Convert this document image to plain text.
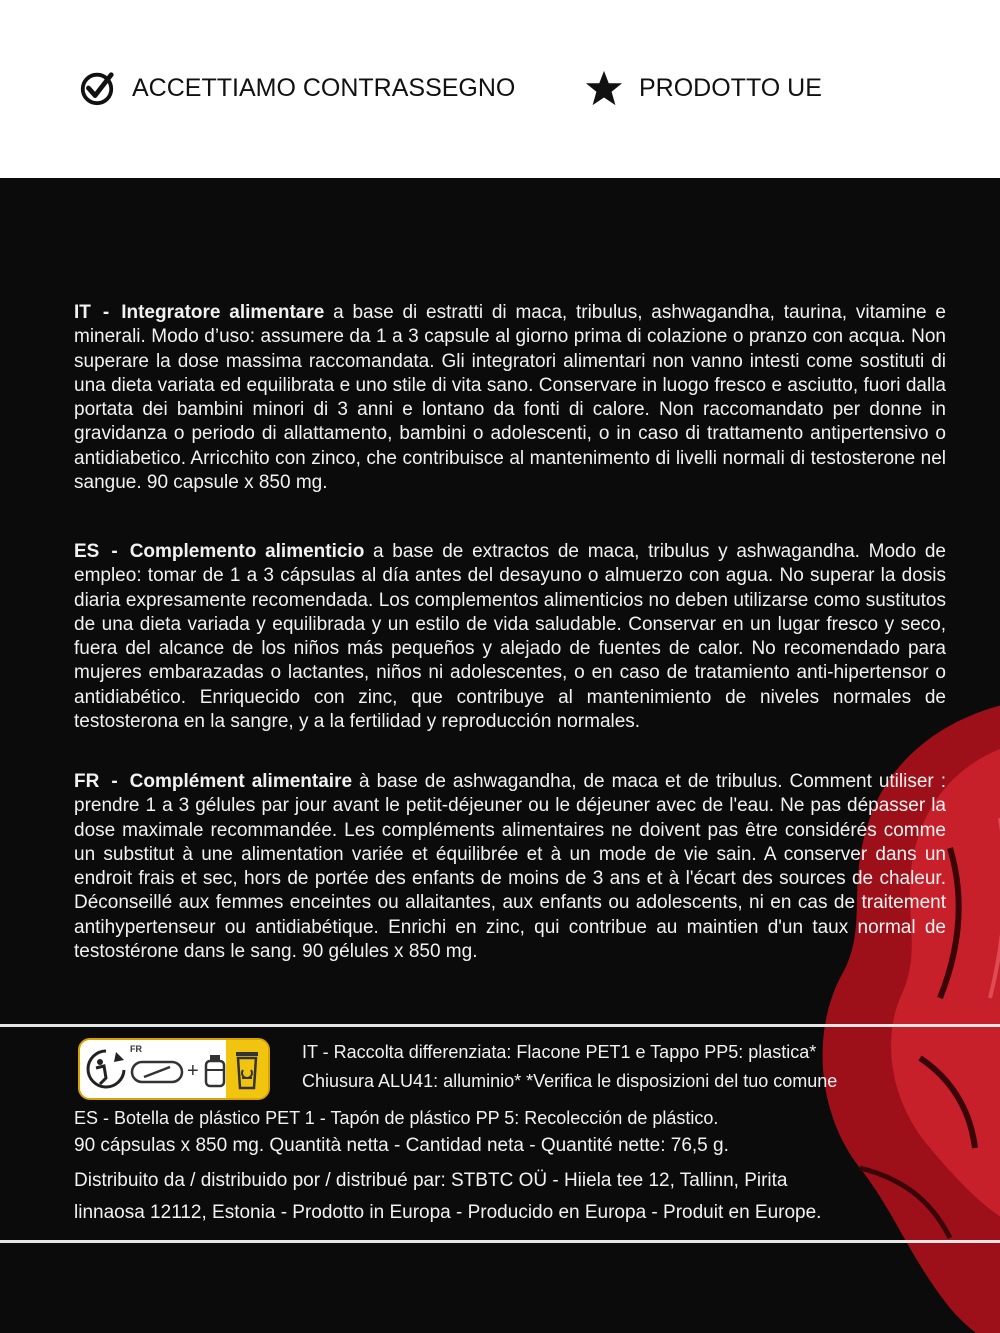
ACCETTIAMO CONTRASSEGNO	PRODOTTO UE
IT - Integratore alimentare a base di estratti di maca, tribulus, ashwagandha, taurina, vitamine e minerali. Modo d’uso: assumere da 1 a 3 capsule al giorno prima di colazione o pranzo con acqua. Non superare la dose massima raccomandata. Gli integratori alimentari non vanno intesti come sostituti di una dieta variata ed equilibrata e uno stile di vita sano. Conservare in luogo fresco e asciutto, fuori dalla portata dei bambini minori di 3 anni e lontano da fonti di calore. Non raccomandato per donne in gravidanza o periodo di allattamento, bambini o adolescenti, o in caso di trattamento antipertensivo o antidiabetico. Arricchito con zinco, che contribuisce al mantenimento di livelli normali di testosterone nel sangue. 90 capsule x 850 mg.
ES - Complemento alimenticio a base de extractos de maca, tribulus y ashwagandha. Modo de empleo: tomar de 1 a 3 cápsulas al día antes del desayuno o almuerzo con agua. No superar la dosis diaria expresamente recomendada. Los complementos alimenticios no deben utilizarse como sustitutos de una dieta variada y equilibrada y un estilo de vida saludable. Conservar en un lugar fresco y seco, fuera del alcance de los niños más pequeños y alejado de fuentes de calor. No recomendado para mujeres embarazadas o lactantes, niños ni adolescentes, o en caso de tratamiento anti-hipertensor o antidiabético. Enriquecido con zinc, que contribuye al mantenimiento de niveles normales de testosterona en la sangre, y a la fertilidad y reproducción normales.
FR - Complément alimentaire à base de ashwagandha, de maca et de tribulus. Comment utiliser : prendre 1 a 3 gélules par jour avant le petit-déjeuner ou le déjeuner avec de l'eau. Ne pas dépasser la dose maximale recommandée. Les compléments alimentaires ne doivent pas être considérés comme un substitut à une alimentation variée et équilibrée et à un mode de vie sain. A conserver dans un endroit frais et sec, hors de portée des enfants de moins de 3 ans et à l'écart des sources de chaleur. Déconseillé aux femmes enceintes ou allaitantes, aux enfants ou adolescents, ni en cas de traitement antihypertenseur ou antidiabétique. Enrichi en zinc, qui contribue au maintien d'un taux normal de testostérone dans le sang. 90 gélules x 850 mg.
FR
+
IT - Raccolta differenziata: Flacone PET1 e Tappo PP5: plastica*
Chiusura ALU41: alluminio* *Verifica le disposizioni del tuo comune
ES - Botella de plástico PET 1 - Tapón de plástico PP 5: Recolección de plástico.
90 cápsulas x 850 mg. Quantità netta - Cantidad neta - Quantité nette: 76,5 g.
Distribuito da / distribuido por / distribué par: STBTC OÜ - Hiiela tee 12, Tallinn, Pirita
linnaosa 12112, Estonia - Prodotto in Europa - Producido en Europa - Produit en Europe.
